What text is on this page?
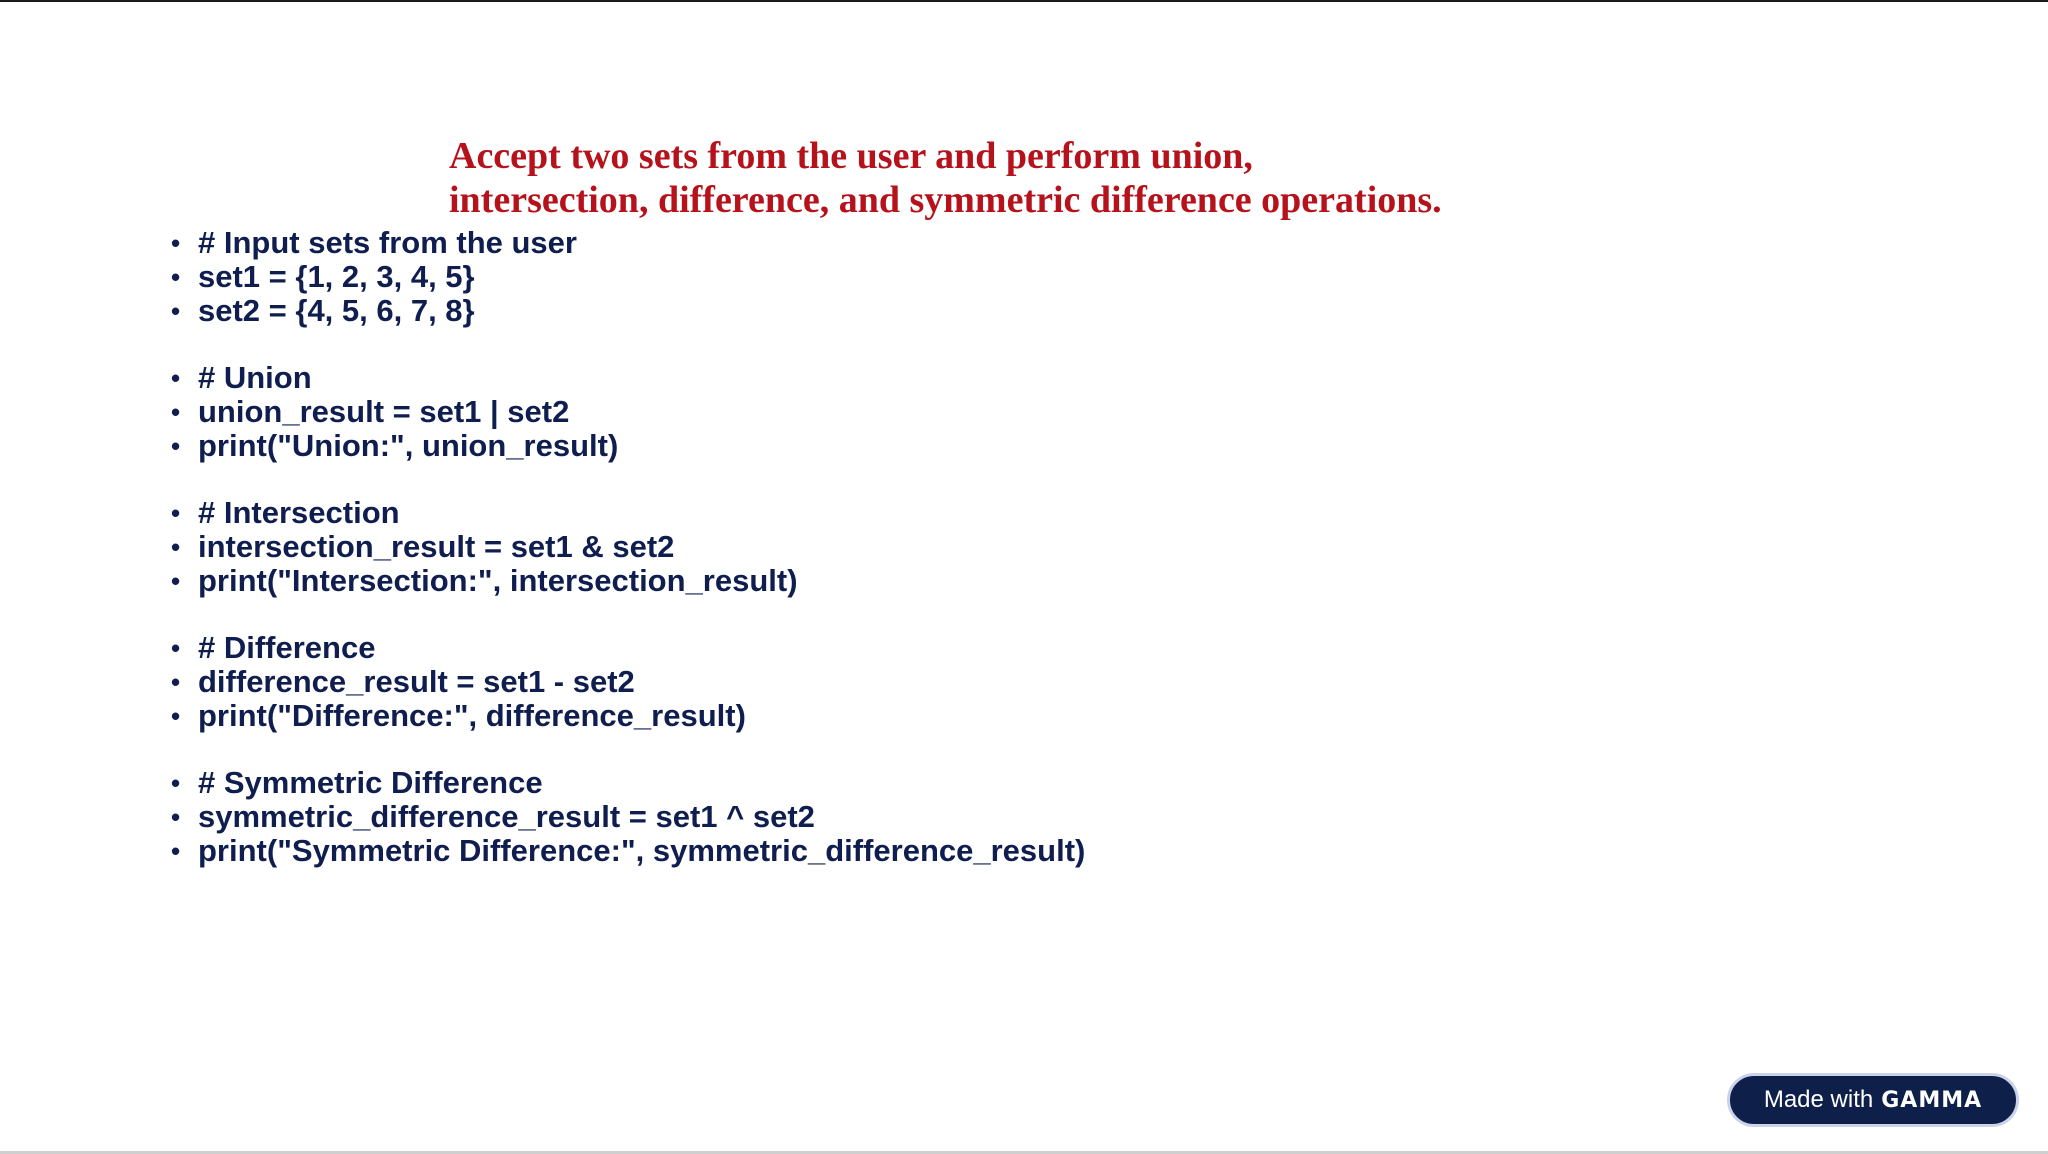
Accept two sets from the user and perform union,
intersection, difference, and symmetric difference operations.
• # Input sets from the user
• set1 = {1, 2, 3, 4, 5}
• set2 = {4, 5, 6, 7, 8}
• # Union
• union_result = set1 | set2
• print("Union:", union_result)
• # Intersection
• intersection_result = set1 & set2
• print("Intersection:", intersection_result)
• # Difference
• difference_result = set1 - set2
• print("Difference:", difference_result)
• # Symmetric Difference
• symmetric_difference_result = set1 ^ set2
• print("Symmetric Difference:", symmetric_difference_result)
Made with GAMMA
